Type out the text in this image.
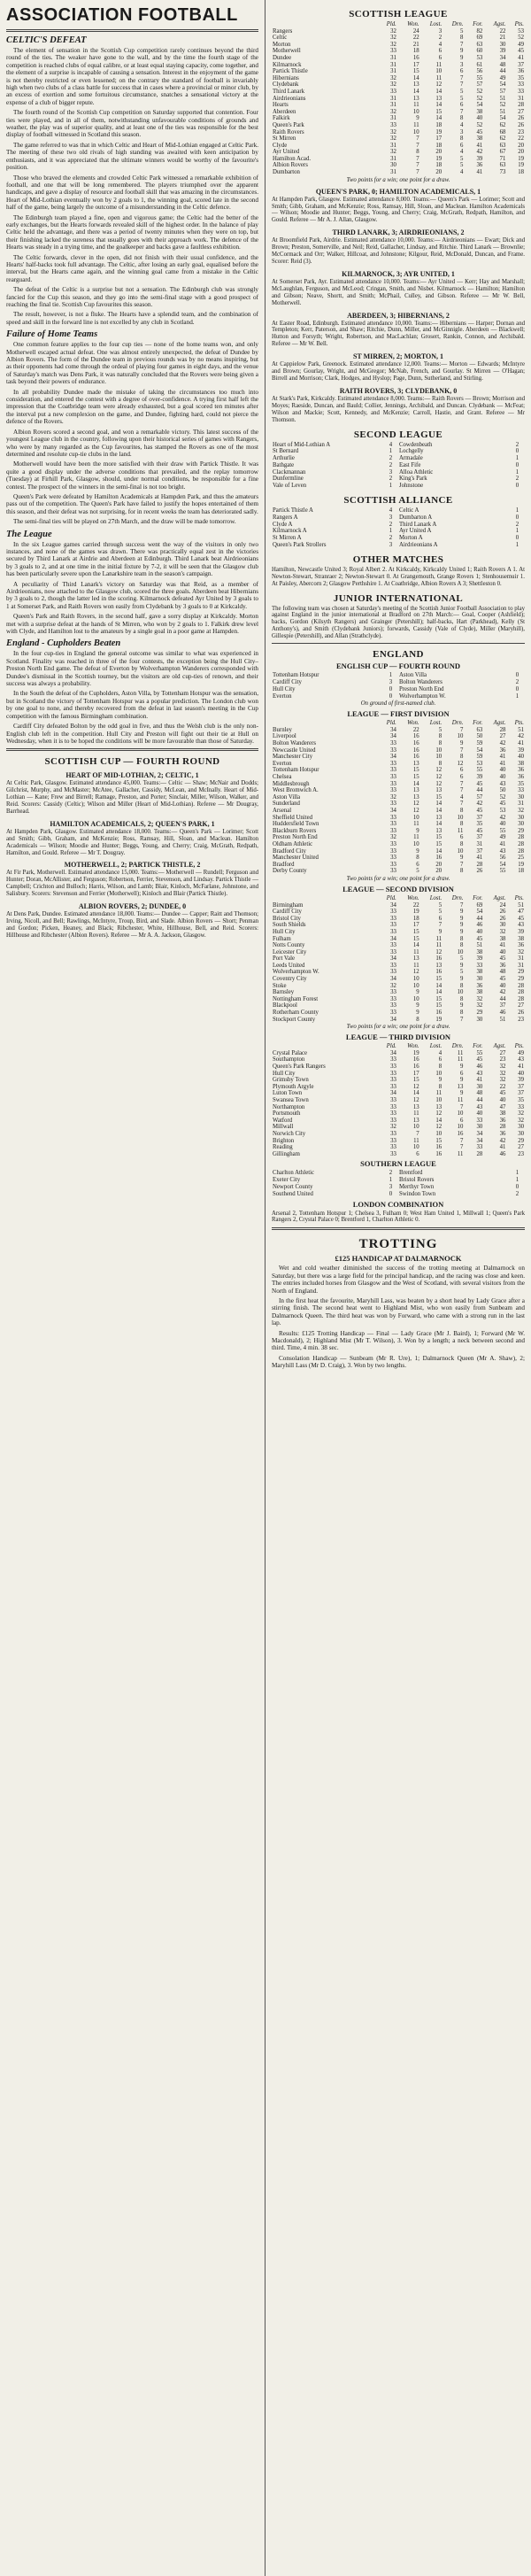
ASSOCIATION FOOTBALL
CELTIC'S DEFEAT

The element of sensation in the Scottish Cup competition rarely continues beyond the third round of the ties. The weaker have gone to the wall, and by the time the fourth stage of the competition is reached clubs of equal calibre, or at least equal staying capacity, come together, and the element of a surprise is incapable of causing a sensation. Interest in the enjoyment of the game is not thereby restricted or even lessened; on the contrary the standard of football is invariably high when two clubs of a class battle for success that in cases where a provincial or minor club, by an excess of exertion and some fortuitous circumstance, snatches a sensational victory at the expense of a club of bigger repute.

The fourth round of the Scottish Cup competition on Saturday supported that contention. Four ties were played, and in all of them, notwithstanding unfavourable conditions of grounds and weather, the play was of superior quality, and at least one of the ties was responsible for the best display of football witnessed in Scotland this season.

The game referred to was that in which Celtic and Heart of Mid-Lothian engaged at Celtic Park. The meeting of these two old rivals of high standing was awaited with keen anticipation by enthusiasts, and it was appreciated that the ultimate winners would be worthy of the favourite's position.

Those who braved the elements and crowded Celtic Park witnessed a remarkable exhibition of football, and one that will be long remembered. The players triumphed over the apparent handicaps, and gave a display of resource and football skill that was amazing in the circumstances. Heart of Mid-Lothian eventually won by 2 goals to 1, the winning goal, scored late in the second half of the game, being largely the outcome of a misunderstanding in the Celtic defence.

The Edinburgh team played a fine, open and vigorous game; the Celtic had the better of the early exchanges, but the Hearts forwards revealed skill of the highest order. In the balance of play Celtic held the advantage, and there was a period of twenty minutes when they were on top, but their finishing lacked the sureness that usually goes with their approach work. The defence of the Hearts was steady in a trying time, and the goalkeeper and backs gave a faultless exhibition.

The Celtic forwards, clever in the open, did not finish with their usual confidence, and the Hearts' half-backs took full advantage. The Celtic, after losing an early goal, equalised before the interval, but the Hearts came again, and the winning goal came from a mistake in the Celtic rearguard.

The defeat of the Celtic is a surprise but not a sensation. The Edinburgh club was strongly fancied for the Cup this season, and they go into the semi-final stage with a good prospect of reaching the final tie. Scottish Cup favourites this season.

The result, however, is not a fluke. The Hearts have a splendid team, and the combination of speed and skill in the forward line is not excelled by any club in Scotland.

Failure of Home Teams

One common feature applies to the four cup ties — none of the home teams won, and only Motherwell escaped actual defeat. One was almost entirely unexpected, the defeat of Dundee by Albion Rovers. The form of the Dundee team in previous rounds was by no means inspiring, but as their opponents had come through the ordeal of playing four games in eight days, and the venue of Saturday's match was Dens Park, it was naturally concluded that the Rovers were being given a task beyond their powers of endurance.

In all probability Dundee made the mistake of taking the circumstances too much into consideration, and entered the contest with a degree of over-confidence. A trying first half left the impression that the Coatbridge team were already exhausted, but a goal scored ten minutes after the interval put a new complexion on the game, and Dundee, fighting hard, could not pierce the defence of the Rovers.

Albion Rovers scored a second goal, and won a remarkable victory. This latest success of the youngest League club in the country, following upon their historical series of games with Rangers, who were by many regarded as the Cup favourites, has stamped the Rovers as one of the most determined and resolute cup-tie clubs in the land.

Motherwell would have been the more satisfied with their draw with Partick Thistle. It was quite a good display under the adverse conditions that prevailed, and the replay tomorrow (Tuesday) at Firhill Park, Glasgow, should, under normal conditions, be responsible for a fine contest. The prospect of the winners in the semi-final is not too bright.

Queen's Park were defeated by Hamilton Academicals at Hampden Park, and thus the amateurs pass out of the competition. The Queen's Park have failed to justify the hopes entertained of them this season, and their defeat was not surprising, for in recent weeks the team has deteriorated sadly.

The semi-final ties will be played on 27th March, and the draw will be made tomorrow.

The League

In the six League games carried through success went the way of the visitors in only two instances, and none of the games was drawn. There was practically equal zest in the victories secured by Third Lanark at Airdrie and Aberdeen at Edinburgh. Third Lanark beat Airdrieonians by 3 goals to 2, and at one time in the initial fixture by 7-2, it will be seen that the Glasgow club has been particularly severe upon the Lanarkshire team in the season's campaign.

A peculiarity of Third Lanark's victory on Saturday was that Reid, as a member of Airdrieonians, now attached to the Glasgow club, scored the three goals. Aberdeen beat Hibernians by 3 goals to 2, though the latter led in the scoring. Kilmarnock defeated Ayr United by 3 goals to 1 at Somerset Park, and Raith Rovers won easily from Clydebank by 3 goals to 0 at Kirkcaldy.

Queen's Park and Raith Rovers, in the second half, gave a sorry display at Kirkcaldy. Morton met with a surprise defeat at the hands of St Mirren, who won by 2 goals to 1. Falkirk drew level with Clyde, and Hamilton lost to the amateurs by a single goal in a poor game at Hampden.

England - Cupholders Beaten

In the four cup-ties in England the general outcome was similar to what was experienced in Scotland. Finality was reached in three of the four contests, the exception being the Hull City–Preston North End game. The defeat of Everton by Wolverhampton Wanderers corresponded with Dundee's dismissal in the Scottish tourney, but the visitors are old cup-ties of renown, and their success was always a probability.

In the South the defeat of the Cupholders, Aston Villa, by Tottenham Hotspur was the sensation, but in Scotland the victory of Tottenham Hotspur was a popular prediction. The London club won by one goal to none, and thereby recovered from the defeat in last season's meeting in the Cup competition with the famous Birmingham combination.

Cardiff City defeated Bolton by the odd goal in five, and thus the Welsh club is the only non-English club left in the competition. Hull City and Preston will fight out their tie at Hull on Wednesday, when it is to be hoped the conditions will be more favourable than those of Saturday.

SCOTTISH CUP — FOURTH ROUND
HEART OF MID-LOTHIAN, 2; CELTIC, 1

At Celtic Park, Glasgow. Estimated attendance 45,000. Teams:— Celtic — Shaw; McNair and Dodds; Gilchrist, Murphy, and McMaster; McAtee, Gallacher, Cassidy, McLean, and McInally. Heart of Mid-Lothian — Kane; Frew and Birrell; Ramage, Preston, and Porter; Sinclair, Miller, Wilson, Walker, and Reid. Scorers: Cassidy (Celtic); Wilson and Miller (Heart of Mid-Lothian). Referee — Mr Dougray, Barrhead.

HAMILTON ACADEMICALS, 2; QUEEN'S PARK, 1

At Hampden Park, Glasgow. Estimated attendance 18,000. Teams:— Queen's Park — Lorimer; Scott and Smith; Gibb, Graham, and McKenzie; Ross, Ramsay, Hill, Sloan, and Maclean. Hamilton Academicals — Wilson; Moodie and Hunter; Beggs, Young, and Cherry; Craig, McGrath, Redpath, Hamilton, and Gould. Referee — Mr T. Dougray.

MOTHERWELL, 2; PARTICK THISTLE, 2

At Fir Park, Motherwell. Estimated attendance 15,000. Teams:— Motherwell — Rundell; Ferguson and Hunter; Doran, McAllister, and Ferguson; Robertson, Ferrier, Stevenson, and Lindsay. Partick Thistle — Campbell; Crichton and Bulloch; Harris, Wilson, and Lamb; Blair, Kinloch, McFarlane, Johnstone, and Salisbury. Scorers: Stevenson and Ferrier (Motherwell); Kinloch and Blair (Partick Thistle).

ALBION ROVERS, 2; DUNDEE, 0

At Dens Park, Dundee. Estimated attendance 18,000. Teams:— Dundee — Capper; Raitt and Thomson; Irving, Nicoll, and Bell; Rawlings, McIntyre, Troup, Bird, and Slade. Albion Rovers — Short; Penman and Gordon; Picken, Heaney, and Black; Ribchester, White, Hillhouse, Bell, and Reid. Scorers: Hillhouse and Ribchester (Albion Rovers). Referee — Mr A. A. Jackson, Glasgow.

SCOTTISH LEAGUE
	Pld.	Won.	Lost.	Drn.	For.	Agst.	Pts.
Rangers	32	24	3	5	82	22	53
Celtic	32	22	2	8	69	21	52
Morton	32	21	4	7	63	30	49
Motherwell	33	18	6	9	60	39	45
Dundee	31	16	6	9	53	34	41
Kilmarnock	31	17	11	3	61	48	37
Partick Thistle	31	15	10	6	56	44	36
Hibernians	32	14	11	7	55	49	35
Clydebank	32	13	12	7	57	54	33
Third Lanark	33	14	14	5	52	57	33
Airdrieonians	31	13	13	5	52	51	31
Hearts	31	11	14	6	54	52	28
Aberdeen	32	10	15	7	38	51	27
Falkirk	31	9	14	8	40	54	26
Queen's Park	33	11	18	4	52	62	26
Raith Rovers	32	10	19	3	45	68	23
St Mirren	32	7	17	8	38	62	22
Clyde	31	7	18	6	41	63	20
Ayr United	32	8	20	4	42	67	20
Hamilton Acad.	31	7	19	5	39	71	19
Albion Rovers	30	7	18	5	36	63	19
Dumbarton	31	7	20	4	41	73	18
Two points for a win; one point for a draw.
QUEEN'S PARK, 0; HAMILTON ACADEMICALS, 1

At Hampden Park, Glasgow. Estimated attendance 8,000. Teams:— Queen's Park — Lorimer; Scott and Smith; Gibb, Graham, and McKenzie; Ross, Ramsay, Hill, Sloan, and Maclean. Hamilton Academicals — Wilson; Moodie and Hunter; Beggs, Young, and Cherry; Craig, McGrath, Redpath, Hamilton, and Gould. Referee — Mr A. J. Allan, Glasgow.

THIRD LANARK, 3; AIRDRIEONIANS, 2

At Broomfield Park, Airdrie. Estimated attendance 10,000. Teams:— Airdrieonians — Ewart; Dick and Brown; Preston, Somerville, and Neil; Reid, Gallacher, Lindsay, and Ritchie. Third Lanark — Brownlie; McCormack and Orr; Walker, Hillcoat, and Johnstone; Kilgour, Reid, McDonald, Duncan, and Frame. Scorer: Reid (3).

KILMARNOCK, 3; AYR UNITED, 1

At Somerset Park, Ayr. Estimated attendance 10,000. Teams:— Ayr United — Kerr; Hay and Marshall; McLaughlan, Ferguson, and McLeod; Cringan, Smith, and Nisbet. Kilmarnock — Hamilton; Hamilton and Gibson; Neave, Shortt, and Smith; McPhail, Culley, and Gibson. Referee — Mr W. Bell, Motherwell.

ABERDEEN, 3; HIBERNIANS, 2

At Easter Road, Edinburgh. Estimated attendance 10,000. Teams:— Hibernians — Harper; Dornan and Templeton; Kerr, Paterson, and Shaw; Ritchie, Dunn, Miller, and McGinnigle. Aberdeen — Blackwell; Hutton and Forsyth; Wright, Robertson, and MacLachlan; Grosert, Rankin, Connon, and Archibald. Referee — Mr W. Bell.

ST MIRREN, 2; MORTON, 1

At Cappielow Park, Greenock. Estimated attendance 12,000. Teams:— Morton — Edwards; McIntyre and Brown; Gourlay, Wright, and McGregor; McNab, French, and Gourlay. St Mirren — O'Hagan; Birrell and Morrison; Clark, Hodges, and Hyslop; Page, Dunn, Sutherland, and Stirling.

RAITH ROVERS, 3; CLYDEBANK, 0

At Stark's Park, Kirkcaldy. Estimated attendance 8,000. Teams:— Raith Rovers — Brown; Morrison and Moyes; Raeside, Duncan, and Bauld; Collier, Jennings, Archibald, and Duncan. Clydebank — McFeat; Wilson and Mackie; Scott, Kennedy, and McKenzie; Carroll, Hastie, and Grant. Referee — Mr Thomson.

SECOND LEAGUE
Heart of Mid-Lothian A	4	Cowdenbeath	2
St Bernard	1	Lochgelly	0
Arthurlie	2	Armadale	1
Bathgate	2	East Fife	0
Clackmannan	3	Alloa Athletic	1
Dunfermline	2	King's Park	2
Vale of Leven	1	Johnstone	0
SCOTTISH ALLIANCE
Partick Thistle A	4	Celtic A	1
Rangers A	3	Dumbarton A	0
Clyde A	2	Third Lanark A	2
Kilmarnock A	1	Ayr United A	1
St Mirren A	2	Morton A	0
Queen's Park Strollers	3	Airdrieonians A	1
OTHER MATCHES

Hamilton, Newcastle United 3; Royal Albert 2. At Kirkcaldy, Kirkcaldy United 1; Raith Rovers A 1. At Newton-Stewart, Stranraer 2; Newton-Stewart 0. At Grangemouth, Grange Rovers 1; Stenhousemuir 1. At Paisley, Abercorn 2; Glasgow Perthshire 1. At Coatbridge, Albion Rovers A 3; Shettleston 0.

JUNIOR INTERNATIONAL

The following team was chosen at Saturday's meeting of the Scottish Junior Football Association to play against England in the junior international at Bradford on 27th March:— Goal, Cooper (Ashfield); backs, Gordon (Kilsyth Rangers) and Grainger (Petershill); half-backs, Hart (Parkhead), Kelly (St Anthony's), and Smith (Clydebank Juniors); forwards, Cassidy (Vale of Clyde), Miller (Maryhill), Gillespie (Petershill), and Allan (Strathclyde).

ENGLAND
ENGLISH CUP — FOURTH ROUND
Tottenham Hotspur	1	Aston Villa	0
Cardiff City	3	Bolton Wanderers	2
Hull City	0	Preston North End	0
Everton	0	Wolverhampton W.	1
On ground of first-named club.
LEAGUE — FIRST DIVISION
	Pld.	Won.	Lost.	Drn.	For.	Agst.	Pts.
Burnley	34	22	5	7	63	28	51
Liverpool	34	16	8	10	50	27	42
Bolton Wanderers	33	16	8	9	59	42	41
Newcastle United	33	16	10	7	54	36	39
Manchester City	34	16	10	8	59	41	40
Everton	33	13	8	12	53	41	38
Tottenham Hotspur	33	15	12	6	55	40	36
Chelsea	33	15	12	6	39	40	36
Middlesbrough	33	14	12	7	45	43	35
West Bromwich A.	33	13	13	7	44	50	33
Aston Villa	32	13	15	4	57	52	30
Sunderland	33	12	14	7	42	45	31
Arsenal	34	12	14	8	45	53	32
Sheffield United	33	10	13	10	37	42	30
Huddersfield Town	33	11	14	8	35	40	30
Blackburn Rovers	33	9	13	11	45	55	29
Preston North End	32	11	15	6	37	49	28
Oldham Athletic	33	10	15	8	31	41	28
Bradford City	33	9	14	10	37	43	28
Manchester United	33	8	16	9	41	56	25
Bradford	33	6	20	7	28	54	19
Derby County	33	5	20	8	26	55	18
Two points for a win; one point for a draw.
LEAGUE — SECOND DIVISION
	Pld.	Won.	Lost.	Drn.	For.	Agst.	Pts.
Birmingham	34	22	5	7	69	24	51
Cardiff City	33	19	5	9	54	26	47
Bristol City	33	18	6	9	44	26	45
South Shields	33	17	7	9	46	30	43
Hull City	33	15	9	9	40	32	39
Fulham	34	15	11	8	45	38	38
Notts County	33	14	11	8	51	41	36
Leicester City	33	11	12	10	38	40	32
Port Vale	34	13	16	5	39	45	31
Leeds United	33	11	13	9	33	36	31
Wolverhampton W.	33	12	16	5	38	48	29
Coventry City	34	10	15	9	30	45	29
Stoke	32	10	14	8	36	40	28
Barnsley	33	9	14	10	38	42	28
Nottingham Forest	33	10	15	8	32	44	28
Blackpool	33	9	15	9	32	37	27
Rotherham County	33	9	16	8	29	46	26
Stockport County	34	8	19	7	30	51	23
Two points for a win; one point for a draw.
LEAGUE — THIRD DIVISION
	Pld.	Won.	Lost.	Drn.	For.	Agst.	Pts.
Crystal Palace	34	19	4	11	55	27	49
Southampton	33	16	6	11	45	23	43
Queen's Park Rangers	33	16	8	9	46	32	41
Hull City	33	17	10	6	43	32	40
Grimsby Town	33	15	9	9	41	32	39
Plymouth Argyle	33	12	8	13	30	22	37
Luton Town	34	14	11	9	48	45	37
Swansea Town	33	12	10	11	44	40	35
Northampton	33	13	13	7	43	47	33
Portsmouth	33	11	12	10	40	38	32
Watford	33	13	14	6	33	36	32
Millwall	32	10	12	10	30	28	30
Norwich City	33	7	10	16	34	36	30
Brighton	33	11	15	7	34	42	29
Reading	33	10	16	7	33	41	27
Gillingham	33	6	16	11	28	46	23
SOUTHERN LEAGUE
Charlton Athletic	2	Brentford	1
Exeter City	1	Bristol Rovers	1
Newport County	3	Merthyr Town	0
Southend United	0	Swindon Town	2
LONDON COMBINATION

Arsenal 2, Tottenham Hotspur 1; Chelsea 3, Fulham 0; West Ham United 1, Millwall 1; Queen's Park Rangers 2, Crystal Palace 0; Brentford 1, Charlton Athletic 0.

TROTTING
£125 HANDICAP AT DALMARNOCK

Wet and cold weather diminished the success of the trotting meeting at Dalmarnock on Saturday, but there was a large field for the principal handicap, and the racing was close and keen. The entries included horses from Glasgow and the West of Scotland, with several visitors from the North of England.

In the first heat the favourite, Maryhill Lass, was beaten by a short head by Lady Grace after a stirring finish. The second heat went to Highland Mist, who won easily from Sunbeam and Dalmarnock Queen. The third heat was won by Forward, who came with a strong run in the last lap.

Results: £125 Trotting Handicap — Final — Lady Grace (Mr J. Baird), 1; Forward (Mr W. Macdonald), 2; Highland Mist (Mr T. Wilson), 3. Won by a length; a neck between second and third. Time, 4 min. 38 sec.

Consolation Handicap — Sunbeam (Mr R. Ure), 1; Dalmarnock Queen (Mr A. Shaw), 2; Maryhill Lass (Mr D. Craig), 3. Won by two lengths.
